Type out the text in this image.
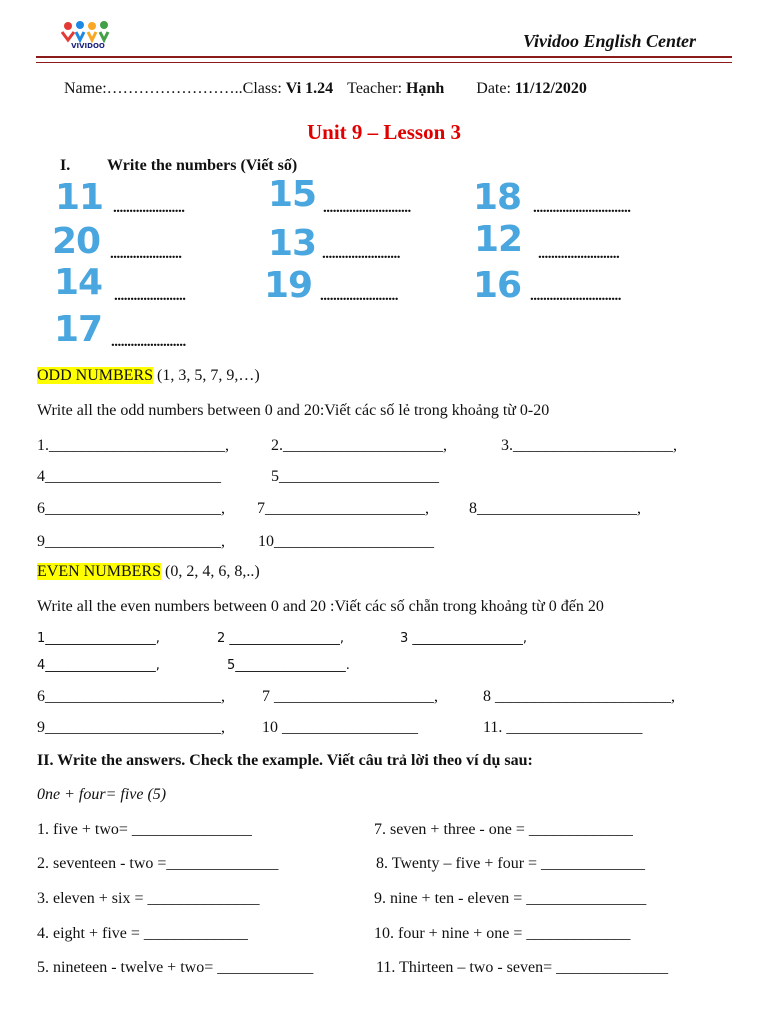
VIVIDOO	Vividoo English Center
Name:……………………..Class: Vi 1.24 Teacher: Hạnh Date: 11/12/2020
Unit 9 – Lesson 3
I. Write the numbers (Viết số)
11 ...................... 15 ........................... 18 ..............................
20 ...................... 13 ........................ 12 .........................
14 ...................... 19 ........................ 16 ............................
17 .......................
ODD NUMBERS (1, 3, 5, 7, 9,…)
Write all the odd numbers between 0 and 20:Viết các số lẻ trong khoảng từ 0-20
1.______________________,	2.____________________,	3.____________________,
4______________________	5____________________
6______________________, 7____________________,	8____________________,
9______________________, 10____________________
EVEN NUMBERS (0, 2, 4, 6, 8,..)
Write all the even numbers between 0 and 20 :Viết các số chẵn trong khoảng từ 0 đến 20
1_________________,	2 _________________,	3 _________________,
4_________________,	5_________________.
6______________________, 7 ____________________,	8 ______________________,
9______________________, 10 _________________	11. _________________
II. Write the answers. Check the example. Viết câu trả lời theo ví dụ sau:
0ne + four= five (5)
1. five + two= _______________	7. seven + three - one = _____________
2. seventeen - two =______________	8. Twenty – five + four = _____________
3. eleven + six = ______________	9. nine + ten - eleven = _______________
4. eight + five = _____________	10. four + nine + one = _____________
5. nineteen - twelve + two= ____________	11. Thirteen – two - seven= ______________
